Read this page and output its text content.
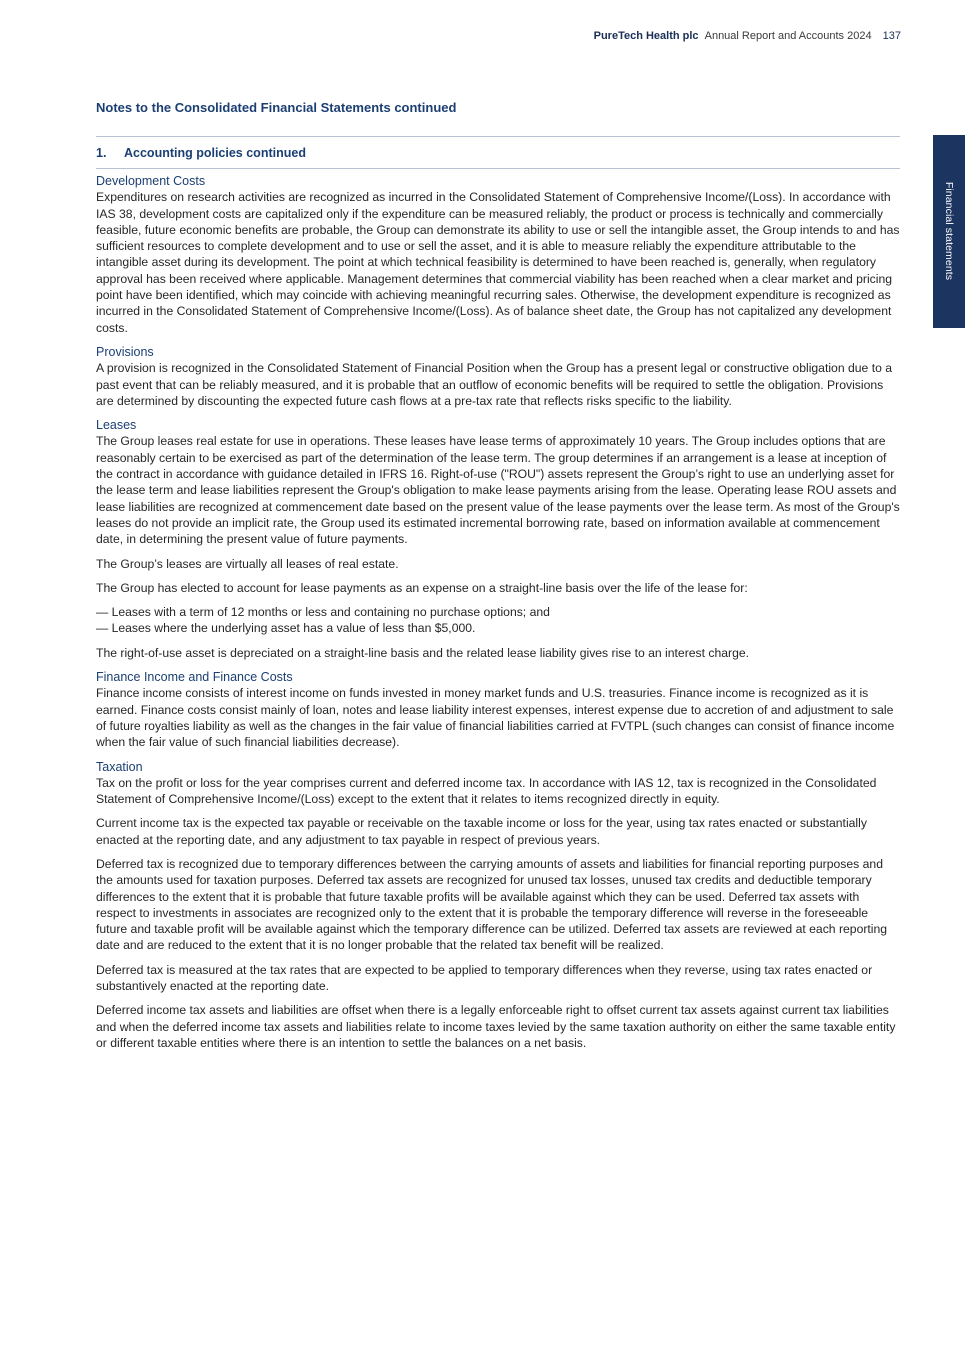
PureTech Health plc Annual Report and Accounts 2024 137
Financial statements
Notes to the Consolidated Financial Statements continued
1.	Accounting policies continued
Development Costs

Expenditures on research activities are recognized as incurred in the Consolidated Statement of Comprehensive Income/(Loss). In accordance with IAS 38, development costs are capitalized only if the expenditure can be measured reliably, the product or process is technically and commercially feasible, future economic benefits are probable, the Group can demonstrate its ability to use or sell the intangible asset, the Group intends to and has sufficient resources to complete development and to use or sell the asset, and it is able to measure reliably the expenditure attributable to the intangible asset during its development. The point at which technical feasibility is determined to have been reached is, generally, when regulatory approval has been received where applicable. Management determines that commercial viability has been reached when a clear market and pricing point have been identified, which may coincide with achieving meaningful recurring sales. Otherwise, the development expenditure is recognized as incurred in the Consolidated Statement of Comprehensive Income/(Loss). As of balance sheet date, the Group has not capitalized any development costs.

Provisions

A provision is recognized in the Consolidated Statement of Financial Position when the Group has a present legal or constructive obligation due to a past event that can be reliably measured, and it is probable that an outflow of economic benefits will be required to settle the obligation. Provisions are determined by discounting the expected future cash flows at a pre-tax rate that reflects risks specific to the liability.

Leases

The Group leases real estate for use in operations. These leases have lease terms of approximately 10 years. The Group includes options that are reasonably certain to be exercised as part of the determination of the lease term. The group determines if an arrangement is a lease at inception of the contract in accordance with guidance detailed in IFRS 16. Right-of-use ("ROU") assets represent the Group’s right to use an underlying asset for the lease term and lease liabilities represent the Group's obligation to make lease payments arising from the lease. Operating lease ROU assets and lease liabilities are recognized at commencement date based on the present value of the lease payments over the lease term. As most of the Group's leases do not provide an implicit rate, the Group used its estimated incremental borrowing rate, based on information available at commencement date, in determining the present value of future payments.

The Group’s leases are virtually all leases of real estate.

The Group has elected to account for lease payments as an expense on a straight-line basis over the life of the lease for:

— Leases with a term of 12 months or less and containing no purchase options; and
— Leases where the underlying asset has a value of less than $5,000.

The right-of-use asset is depreciated on a straight-line basis and the related lease liability gives rise to an interest charge.

Finance Income and Finance Costs

Finance income consists of interest income on funds invested in money market funds and U.S. treasuries. Finance income is recognized as it is earned. Finance costs consist mainly of loan, notes and lease liability interest expenses, interest expense due to accretion of and adjustment to sale of future royalties liability as well as the changes in the fair value of financial liabilities carried at FVTPL (such changes can consist of finance income when the fair value of such financial liabilities decrease).

Taxation

Tax on the profit or loss for the year comprises current and deferred income tax. In accordance with IAS 12, tax is recognized in the Consolidated Statement of Comprehensive Income/(Loss) except to the extent that it relates to items recognized directly in equity.

Current income tax is the expected tax payable or receivable on the taxable income or loss for the year, using tax rates enacted or substantially enacted at the reporting date, and any adjustment to tax payable in respect of previous years.

Deferred tax is recognized due to temporary differences between the carrying amounts of assets and liabilities for financial reporting purposes and the amounts used for taxation purposes. Deferred tax assets are recognized for unused tax losses, unused tax credits and deductible temporary differences to the extent that it is probable that future taxable profits will be available against which they can be used. Deferred tax assets with respect to investments in associates are recognized only to the extent that it is probable the temporary difference will reverse in the foreseeable future and taxable profit will be available against which the temporary difference can be utilized. Deferred tax assets are reviewed at each reporting date and are reduced to the extent that it is no longer probable that the related tax benefit will be realized.

Deferred tax is measured at the tax rates that are expected to be applied to temporary differences when they reverse, using tax rates enacted or substantively enacted at the reporting date.

Deferred income tax assets and liabilities are offset when there is a legally enforceable right to offset current tax assets against current tax liabilities and when the deferred income tax assets and liabilities relate to income taxes levied by the same taxation authority on either the same taxable entity or different taxable entities where there is an intention to settle the balances on a net basis.
